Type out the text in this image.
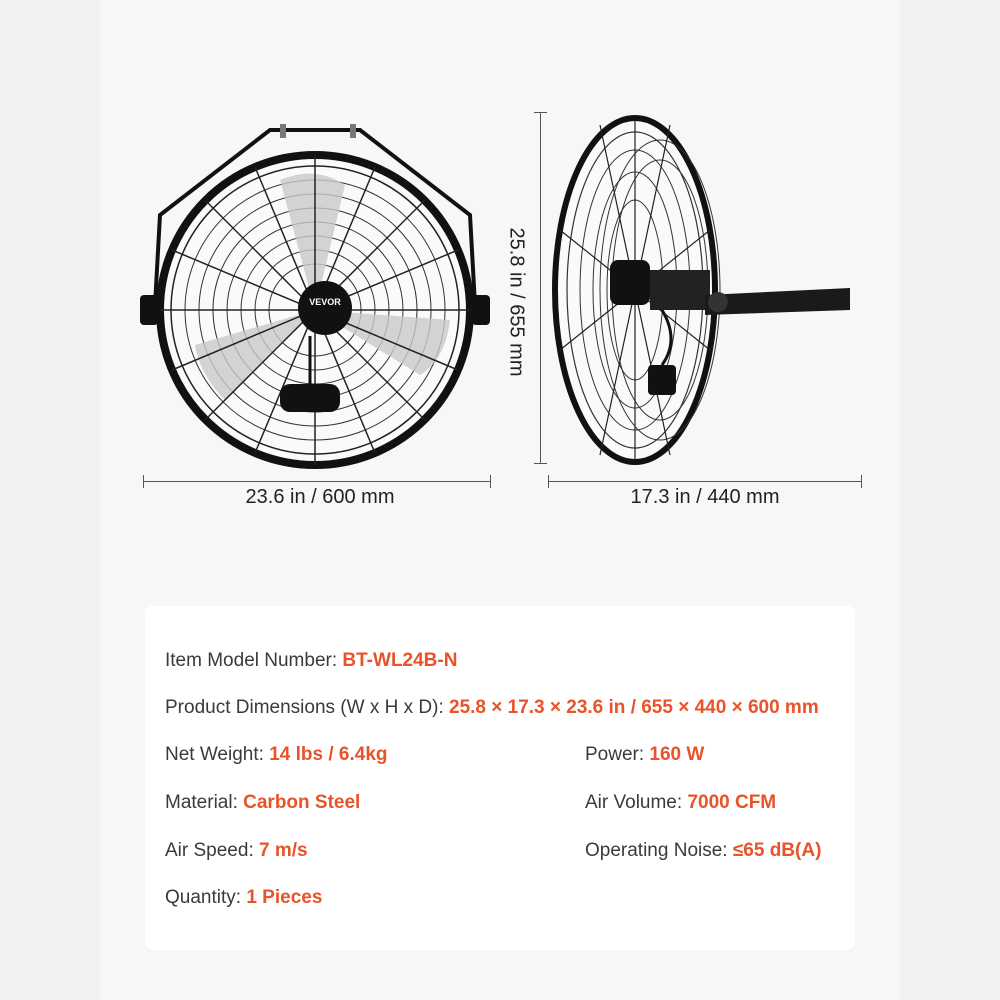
VEVOR
23.6 in / 600 mm	17.3 in / 440 mm
25.8 in / 655 mm
Item Model Number: BT-WL24B-N
Product Dimensions (W x H x D): 25.8 × 17.3 × 23.6 in / 655 × 440 × 600 mm
Net Weight: 14 lbs / 6.4kg	Power: 160 W
Material: Carbon Steel	Air Volume: 7000 CFM
Air Speed: 7 m/s	Operating Noise: ≤65 dB(A)
Quantity: 1 Pieces
